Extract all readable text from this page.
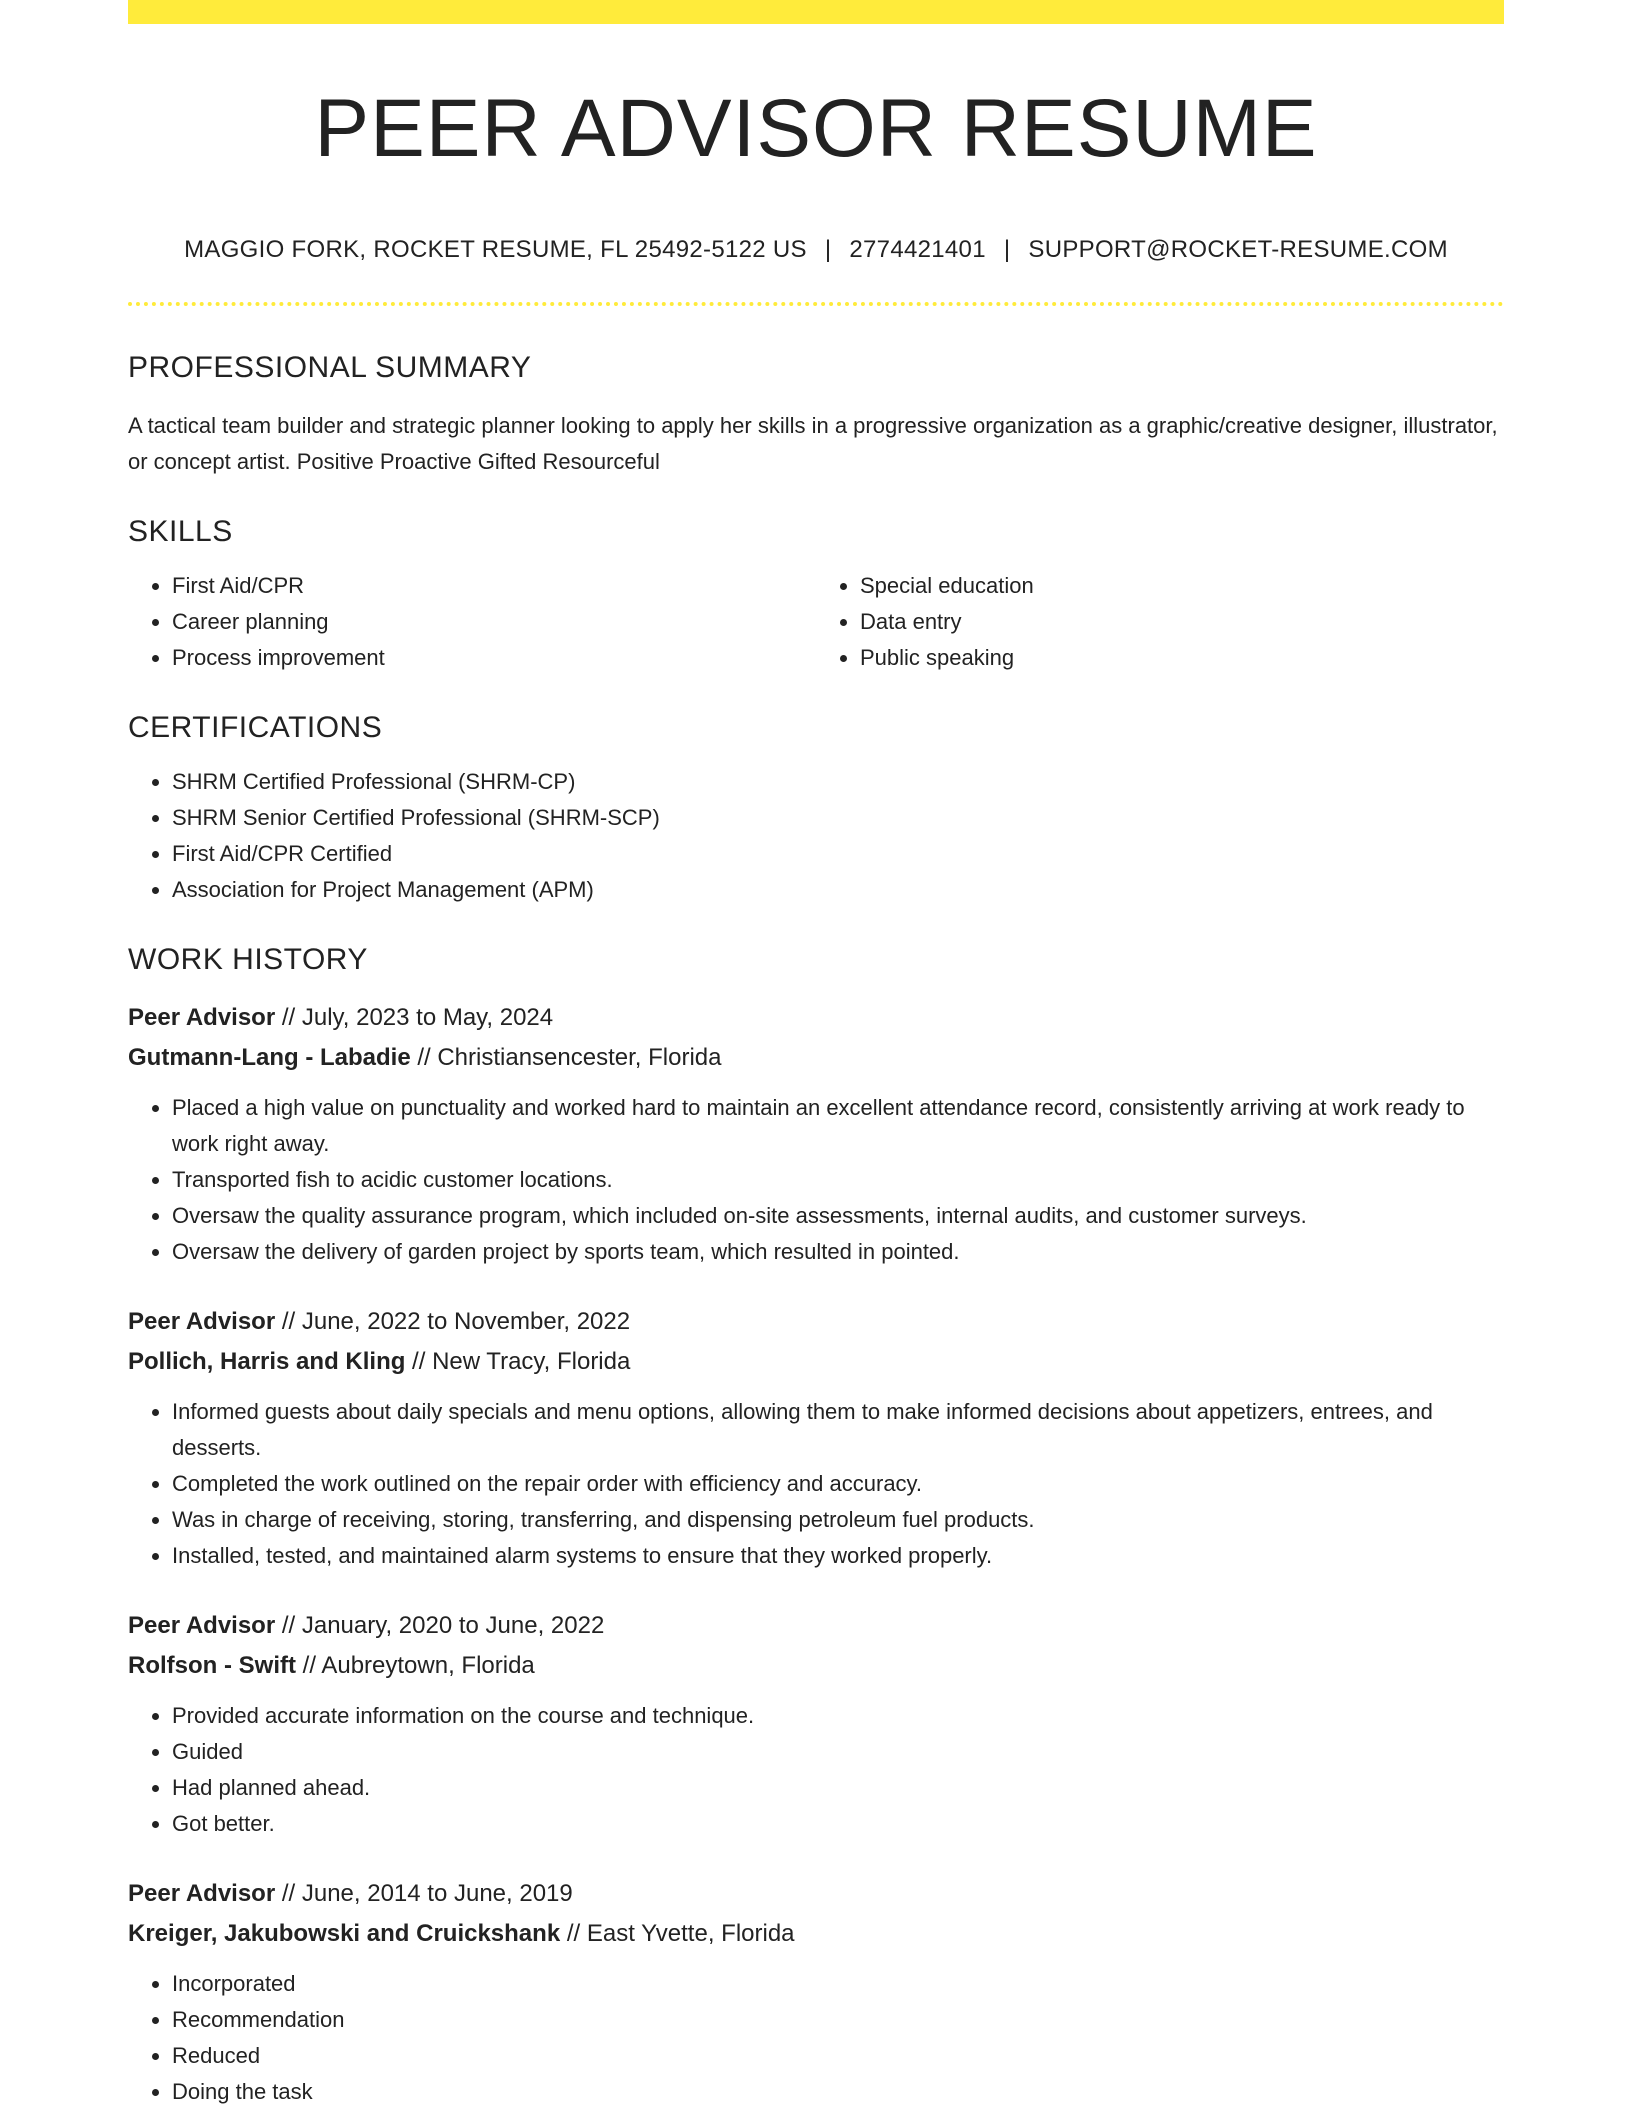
PEER ADVISOR RESUME
MAGGIO FORK, ROCKET RESUME, FL 25492-5122 US | 2774421401 | SUPPORT@ROCKET-RESUME.COM
PROFESSIONAL SUMMARY

A tactical team builder and strategic planner looking to apply her skills in a progressive organization as a graphic/creative designer, illustrator, or concept artist. Positive Proactive Gifted Resourceful

SKILLS
• First Aid/CPR
• Career planning
• Process improvement
• Special education
• Data entry
• Public speaking
CERTIFICATIONS
• SHRM Certified Professional (SHRM-CP)
• SHRM Senior Certified Professional (SHRM-SCP)
• First Aid/CPR Certified
• Association for Project Management (APM)
WORK HISTORY

Peer Advisor // July, 2023 to May, 2024

Gutmann-Lang - Labadie // Christiansencester, Florida

• Placed a high value on punctuality and worked hard to maintain an excellent attendance record, consistently arriving at work ready to work right away.
• Transported fish to acidic customer locations.
• Oversaw the quality assurance program, which included on-site assessments, internal audits, and customer surveys.
• Oversaw the delivery of garden project by sports team, which resulted in pointed.

Peer Advisor // June, 2022 to November, 2022

Pollich, Harris and Kling // New Tracy, Florida

• Informed guests about daily specials and menu options, allowing them to make informed decisions about appetizers, entrees, and desserts.
• Completed the work outlined on the repair order with efficiency and accuracy.
• Was in charge of receiving, storing, transferring, and dispensing petroleum fuel products.
• Installed, tested, and maintained alarm systems to ensure that they worked properly.

Peer Advisor // January, 2020 to June, 2022

Rolfson - Swift // Aubreytown, Florida

• Provided accurate information on the course and technique.
• Guided
• Had planned ahead.
• Got better.

Peer Advisor // June, 2014 to June, 2019

Kreiger, Jakubowski and Cruickshank // East Yvette, Florida

• Incorporated
• Recommendation
• Reduced
• Doing the task
